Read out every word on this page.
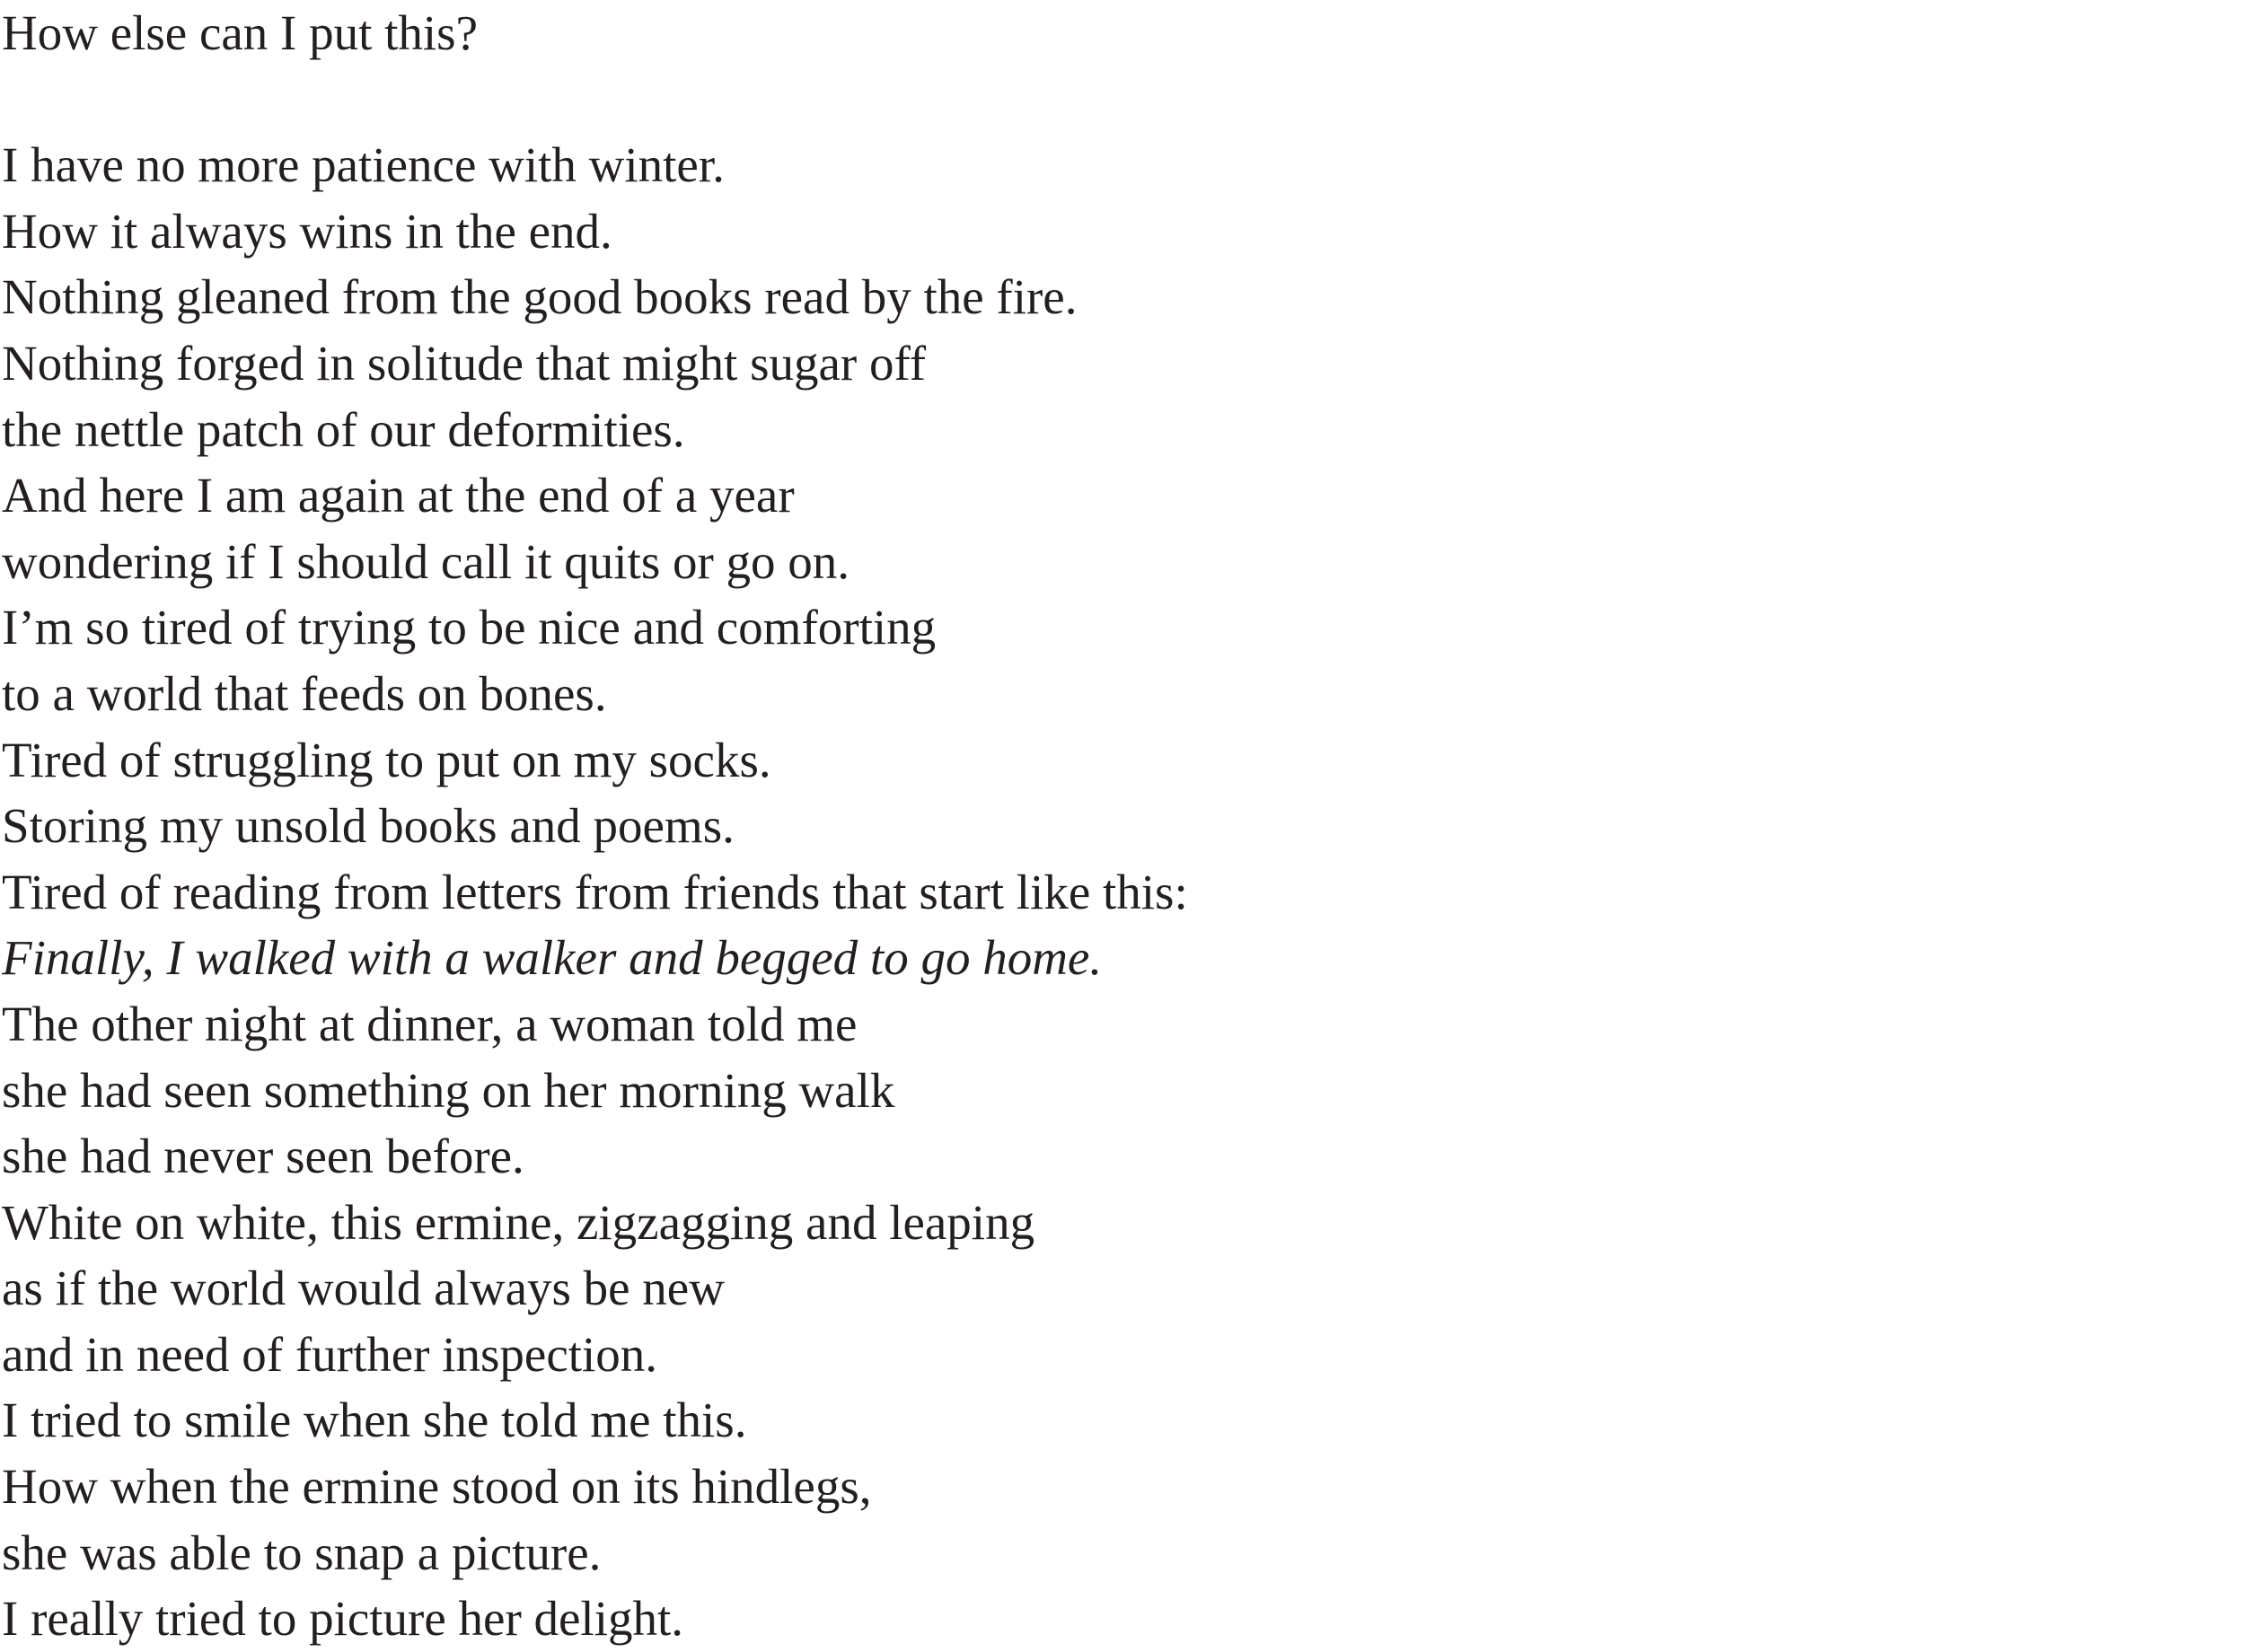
How else can I put this?
I have no more patience with winter.
How it always wins in the end.
Nothing gleaned from the good books read by the fire.
Nothing forged in solitude that might sugar off
the nettle patch of our deformities.
And here I am again at the end of a year
wondering if I should call it quits or go on.
I’m so tired of trying to be nice and comforting
to a world that feeds on bones.
Tired of struggling to put on my socks.
Storing my unsold books and poems.
Tired of reading from letters from friends that start like this:
Finally, I walked with a walker and begged to go home.
The other night at dinner, a woman told me
she had seen something on her morning walk
she had never seen before.
White on white, this ermine, zigzagging and leaping
as if the world would always be new
and in need of further inspection.
I tried to smile when she told me this.
How when the ermine stood on its hindlegs,
she was able to snap a picture.
I really tried to picture her delight.
